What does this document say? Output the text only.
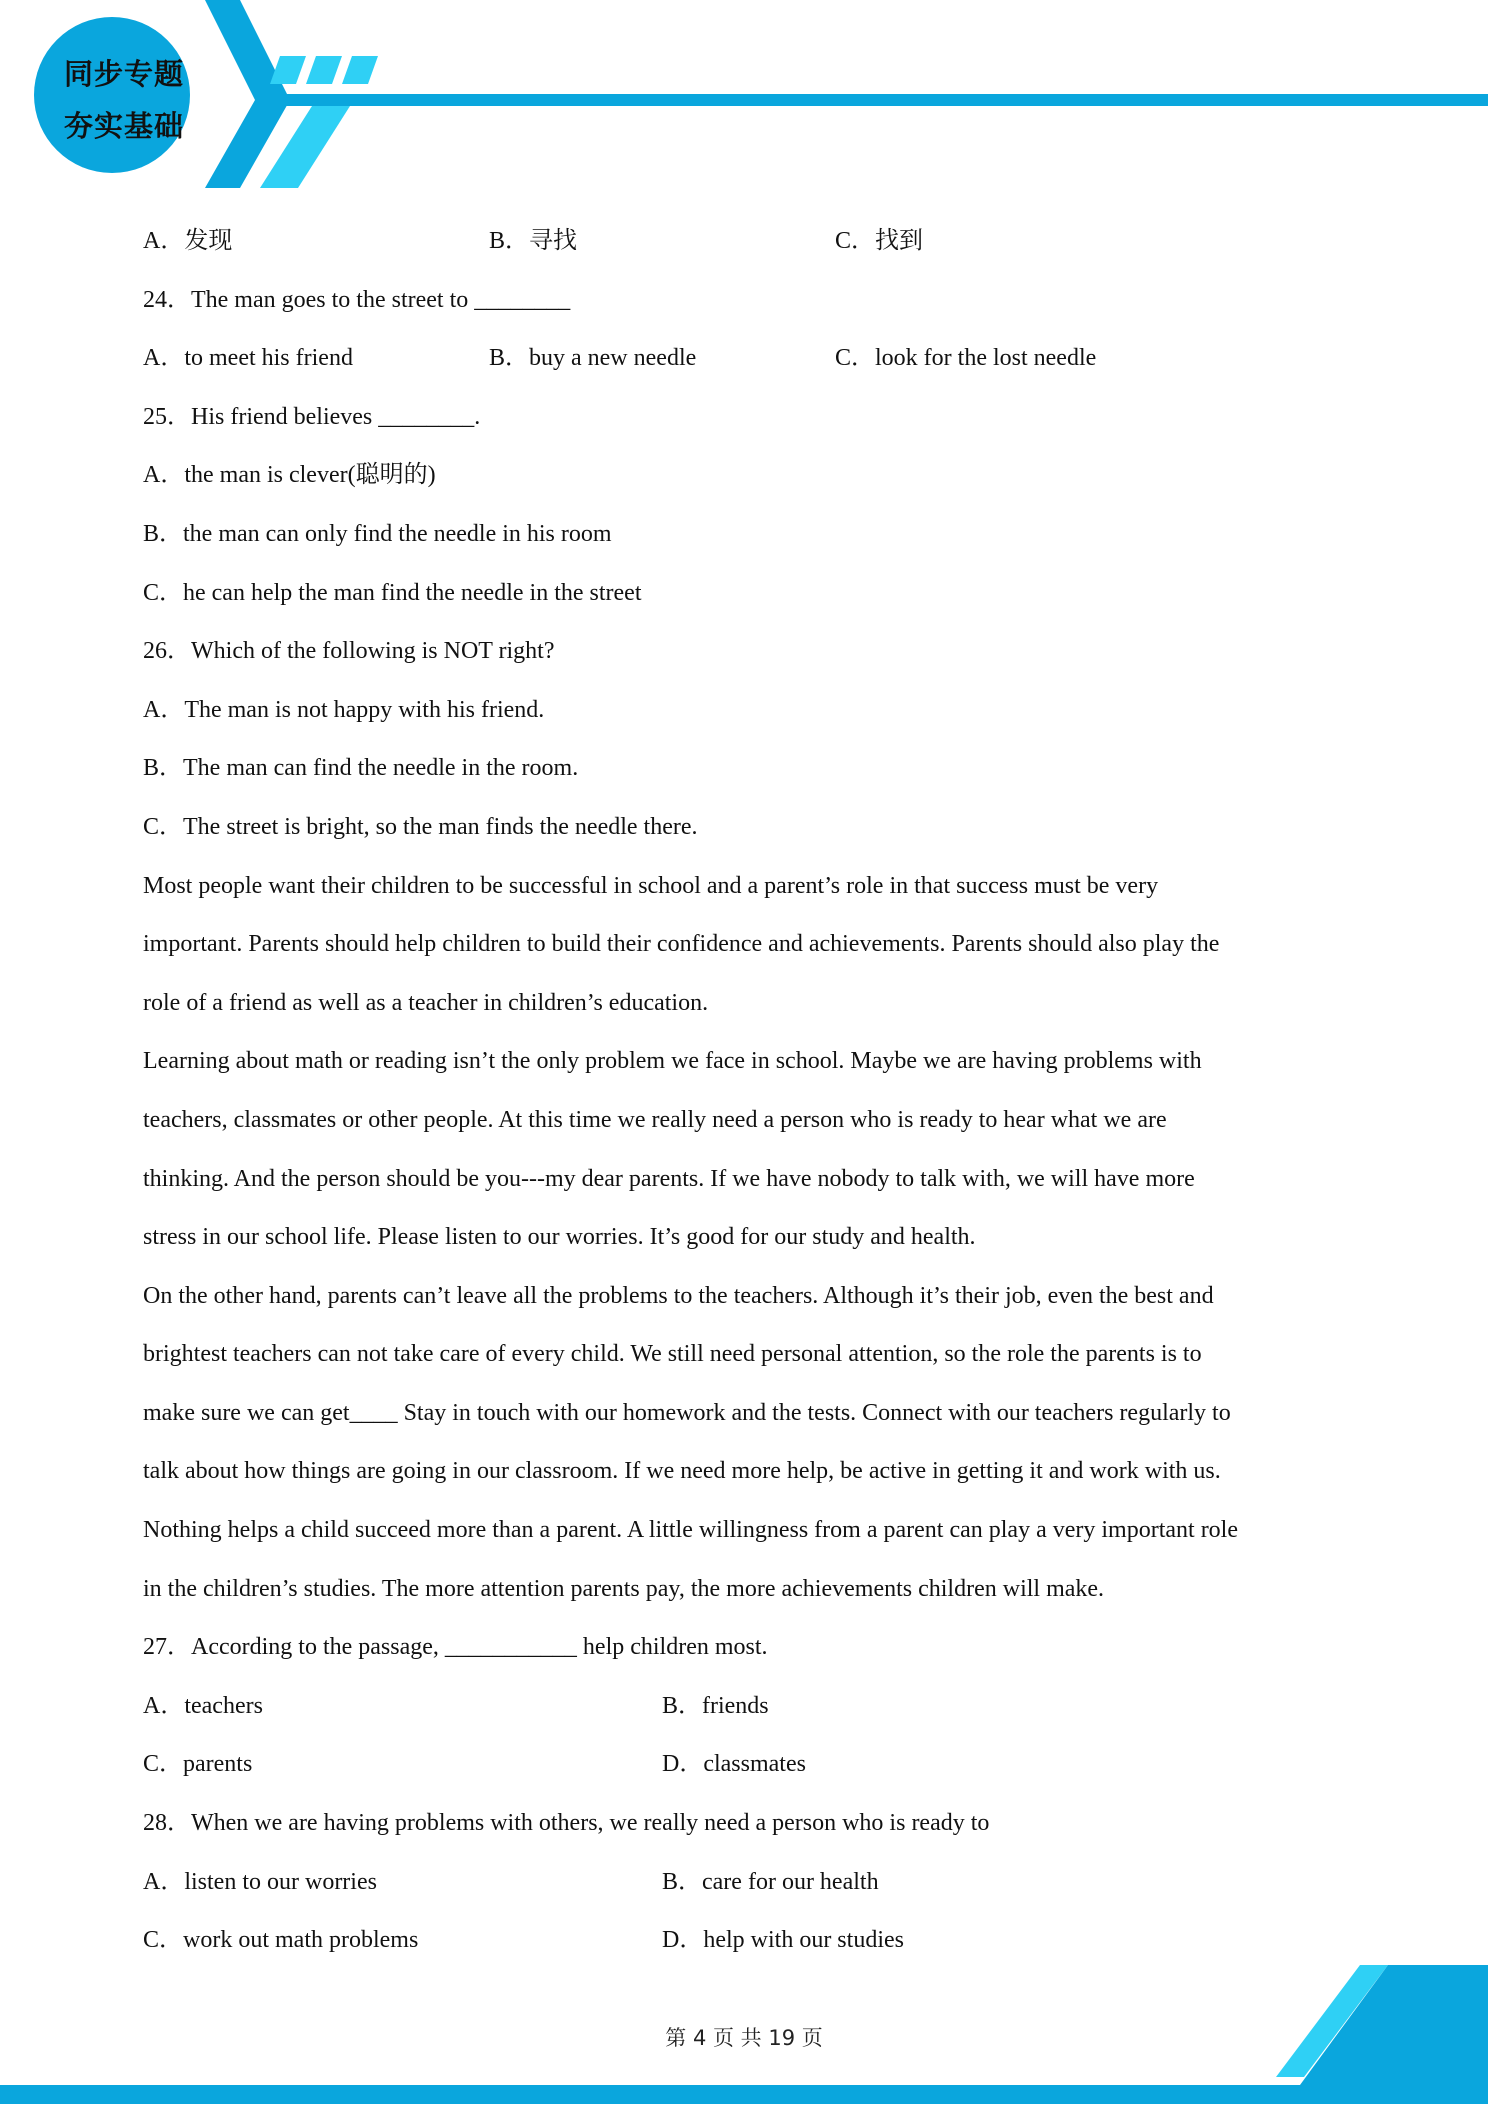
同步专题
夯实基础
A．发现	B．寻找	C．找到
24．The man goes to the street to ________
A．to meet his friend	B．buy a new needle	C．look for the lost needle
25．His friend believes ________.
A．the man is clever(聪明的)
B．the man can only find the needle in his room
C．he can help the man find the needle in the street
26．Which of the following is NOT right?
A．The man is not happy with his friend.
B．The man can find the needle in the room.
C．The street is bright, so the man finds the needle there.
Most people want their children to be successful in school and a parent’s role in that success must be very
important. Parents should help children to build their confidence and achievements. Parents should also play the
role of a friend as well as a teacher in children’s education.
Learning about math or reading isn’t the only problem we face in school. Maybe we are having problems with
teachers, classmates or other people. At this time we really need a person who is ready to hear what we are
thinking. And the person should be you---my dear parents. If we have nobody to talk with, we will have more
stress in our school life. Please listen to our worries. It’s good for our study and health.
On the other hand, parents can’t leave all the problems to the teachers. Although it’s their job, even the best and
brightest teachers can not take care of every child. We still need personal attention, so the role the parents is to
make sure we can get____ Stay in touch with our homework and the tests. Connect with our teachers regularly to
talk about how things are going in our classroom. If we need more help, be active in getting it and work with us.
Nothing helps a child succeed more than a parent. A little willingness from a parent can play a very important role
in the children’s studies. The more attention parents pay, the more achievements children will make.
27．According to the passage, ___________ help children most.
A．teachers	B．friends
C．parents	D．classmates
28．When we are having problems with others, we really need a person who is ready to
A．listen to our worries	B．care for our health
C．work out math problems	D．help with our studies
第 4 页 共 19 页
